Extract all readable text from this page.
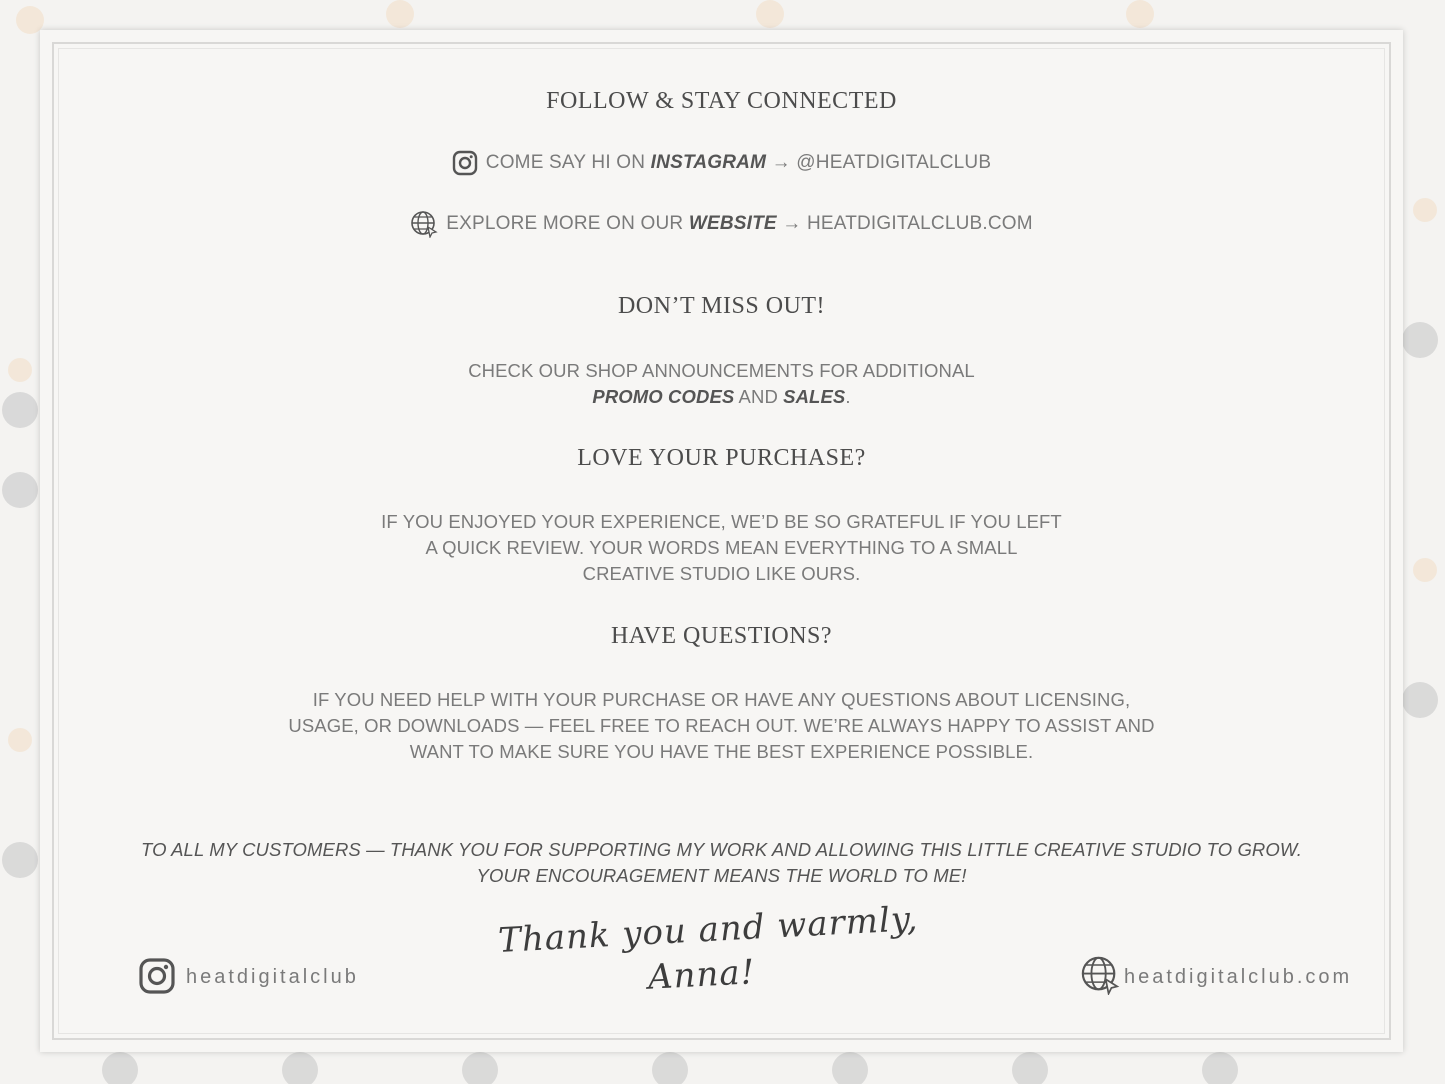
FOLLOW & STAY CONNECTED
COME SAY HI ON INSTAGRAM → @HEATDIGITALCLUB
EXPLORE MORE ON OUR WEBSITE → HEATDIGITALCLUB.COM
DON’T MISS OUT!
CHECK OUR SHOP ANNOUNCEMENTS FOR ADDITIONAL
PROMO CODES AND SALES.
LOVE YOUR PURCHASE?
IF YOU ENJOYED YOUR EXPERIENCE, WE’D BE SO GRATEFUL IF YOU LEFT
A QUICK REVIEW. YOUR WORDS MEAN EVERYTHING TO A SMALL
CREATIVE STUDIO LIKE OURS.
HAVE QUESTIONS?
IF YOU NEED HELP WITH YOUR PURCHASE OR HAVE ANY QUESTIONS ABOUT LICENSING,
USAGE, OR DOWNLOADS — FEEL FREE TO REACH OUT. WE’RE ALWAYS HAPPY TO ASSIST AND
WANT TO MAKE SURE YOU HAVE THE BEST EXPERIENCE POSSIBLE.
TO ALL MY CUSTOMERS — THANK YOU FOR SUPPORTING MY WORK AND ALLOWING THIS LITTLE CREATIVE STUDIO TO GROW.
YOUR ENCOURAGEMENT MEANS THE WORLD TO ME!
Thank you and warmly,
Anna!
heatdigitalclub	heatdigitalclub.com
